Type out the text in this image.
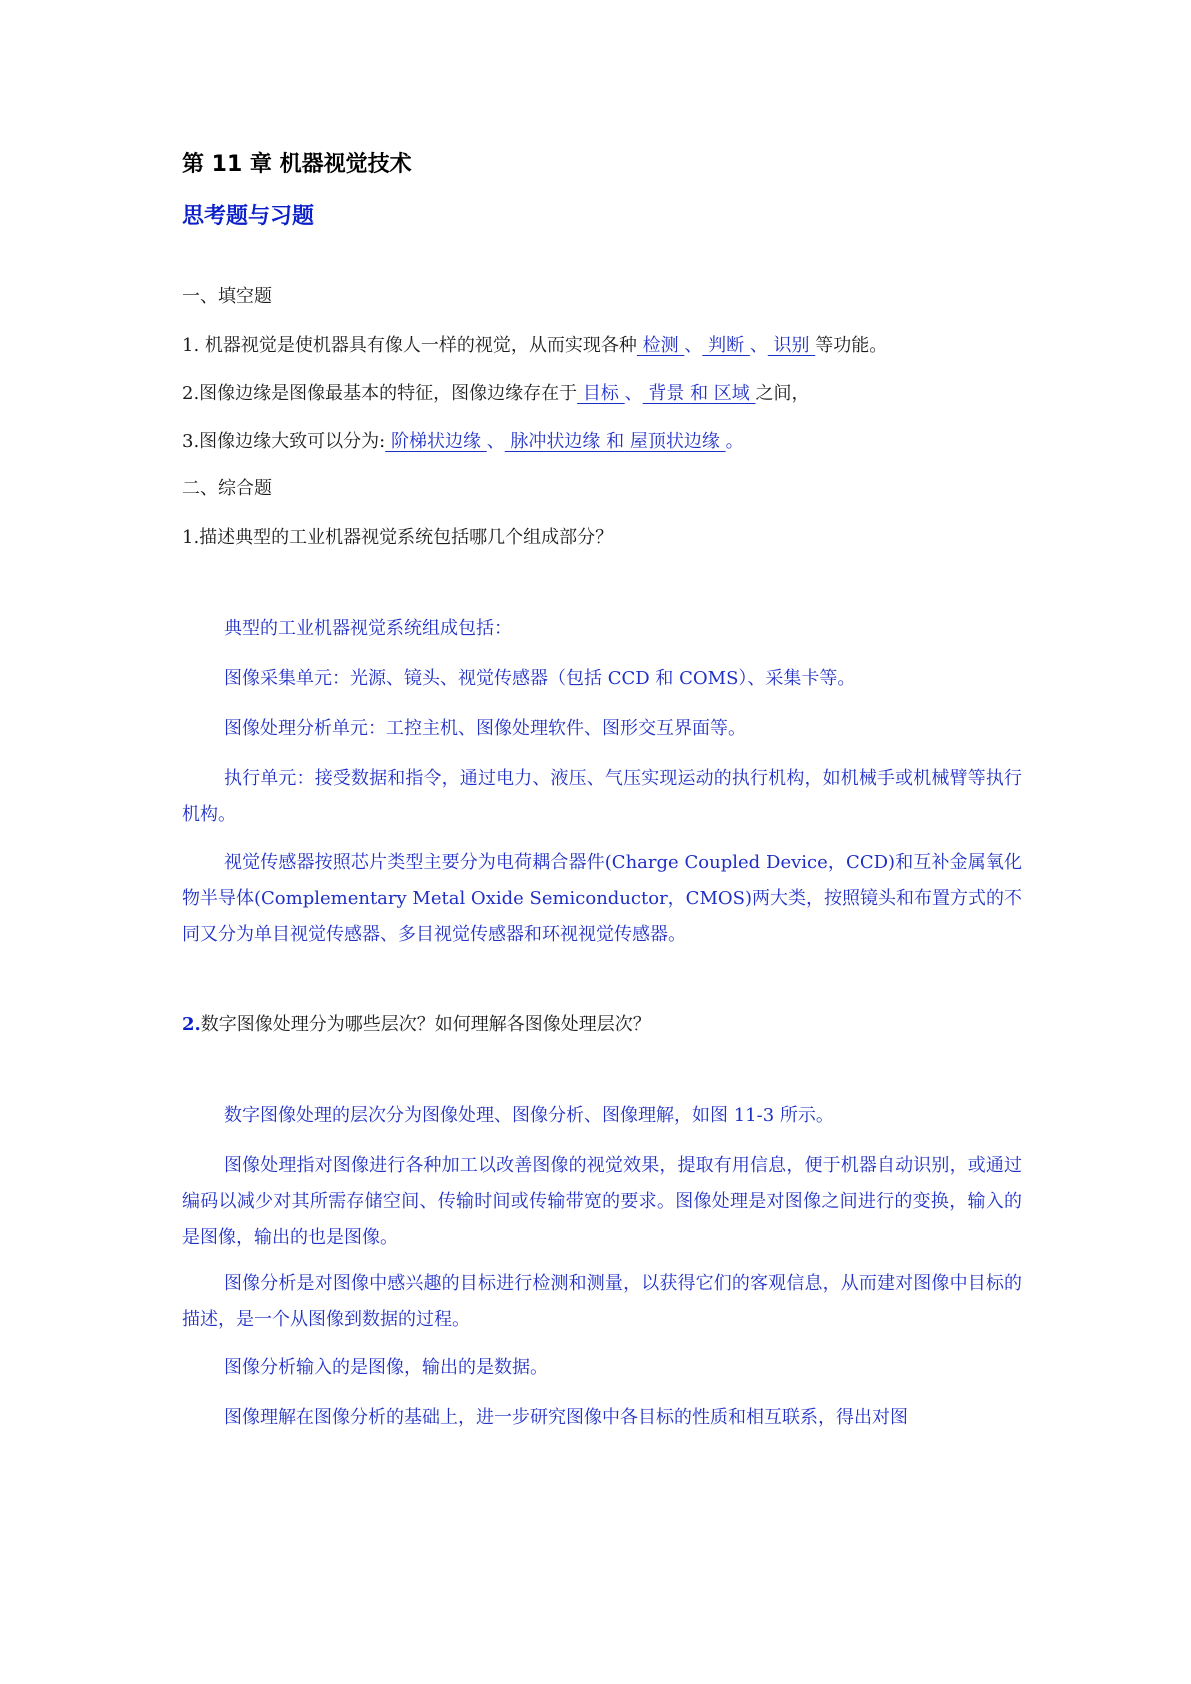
第 11 章 机器视觉技术
思考题与习题
一、填空题
1. 机器视觉是使机器具有像人一样的视觉，从而实现各种 检测 、 判断 、 识别 等功能。
2.图像边缘是图像最基本的特征，图像边缘存在于 目标 、 背景 和 区域 之间，
3.图像边缘大致可以分为: 阶梯状边缘 、 脉冲状边缘 和 屋顶状边缘 。
二、综合题
1.描述典型的工业机器视觉系统包括哪几个组成部分？
典型的工业机器视觉系统组成包括：
图像采集单元：光源、镜头、视觉传感器（包括 CCD 和 COMS）、采集卡等。
图像处理分析单元：工控主机、图像处理软件、图形交互界面等。
执行单元：接受数据和指令，通过电力、液压、气压实现运动的执行机构，如机械手或机械臂等执行机构。
视觉传感器按照芯片类型主要分为电荷耦合器件(Charge Coupled Device，CCD)和互补金属氧化物半导体(Complementary Metal Oxide Semiconductor，CMOS)两大类，按照镜头和布置方式的不同又分为单目视觉传感器、多目视觉传感器和环视视觉传感器。
2.数字图像处理分为哪些层次？如何理解各图像处理层次？
数字图像处理的层次分为图像处理、图像分析、图像理解，如图 11-3 所示。
图像处理指对图像进行各种加工以改善图像的视觉效果，提取有用信息，便于机器自动识别，或通过编码以减少对其所需存储空间、传输时间或传输带宽的要求。图像处理是对图像之间进行的变换，输入的是图像，输出的也是图像。
图像分析是对图像中感兴趣的目标进行检测和测量，以获得它们的客观信息，从而建对图像中目标的描述，是一个从图像到数据的过程。
图像分析输入的是图像，输出的是数据。
图像理解在图像分析的基础上，进一步研究图像中各目标的性质和相互联系，得出对图
